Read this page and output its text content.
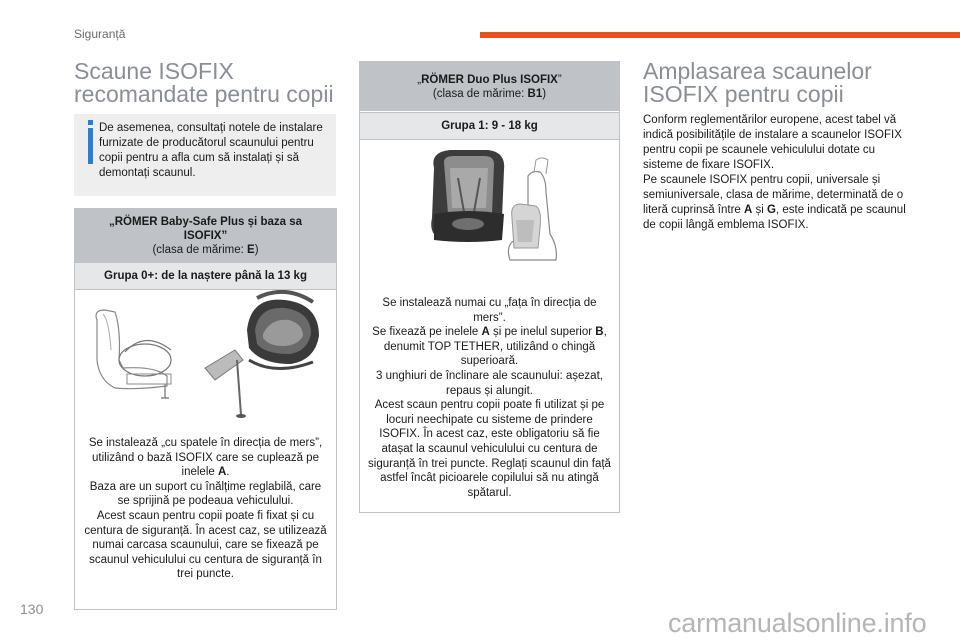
Siguranță
Scaune ISOFIX
recomandate pentru copii
De asemenea, consultați notele de instalare furnizate de producătorul scaunului pentru copii pentru a afla cum să instalați și să demontați scaunul.
„RÖMER Baby-Safe Plus și baza sa
ISOFIX”
(clasa de mărime: E)
Grupa 0+: de la naștere până la 13 kg
Se instalează „cu spatele în direcția de mers”, utilizând o bază ISOFIX care se cuplează pe inelele A.
Baza are un suport cu înălțime reglabilă, care se sprijină pe podeaua vehiculului.
Acest scaun pentru copii poate fi fixat și cu centura de siguranță. În acest caz, se utilizează numai carcasa scaunului, care se fixează pe scaunul vehiculului cu centura de siguranță în trei puncte.
„RÖMER Duo Plus ISOFIX”
(clasa de mărime: B1)
Grupa 1: 9 - 18 kg
Se instalează numai cu „fața în direcția de mers”.
Se fixează pe inelele A și pe inelul superior B, denumit TOP TETHER, utilizând o chingă superioară.
3 unghiuri de înclinare ale scaunului: așezat, repaus și alungit.
Acest scaun pentru copii poate fi utilizat și pe locuri neechipate cu sisteme de prindere ISOFIX. În acest caz, este obligatoriu să fie atașat la scaunul vehiculului cu centura de siguranță în trei puncte. Reglați scaunul din față astfel încât picioarele copilului să nu atingă spătarul.
Amplasarea scaunelor
ISOFIX pentru copii
Conform reglementărilor europene, acest tabel vă indică posibilitățile de instalare a scaunelor ISOFIX pentru copii pe scaunele vehiculului dotate cu sisteme de fixare ISOFIX.
Pe scaunele ISOFIX pentru copii, universale și semiuniversale, clasa de mărime, determinată de o literă cuprinsă între A și G, este indicată pe scaunul de copii lângă emblema ISOFIX.
130	carmanualsonline.info
